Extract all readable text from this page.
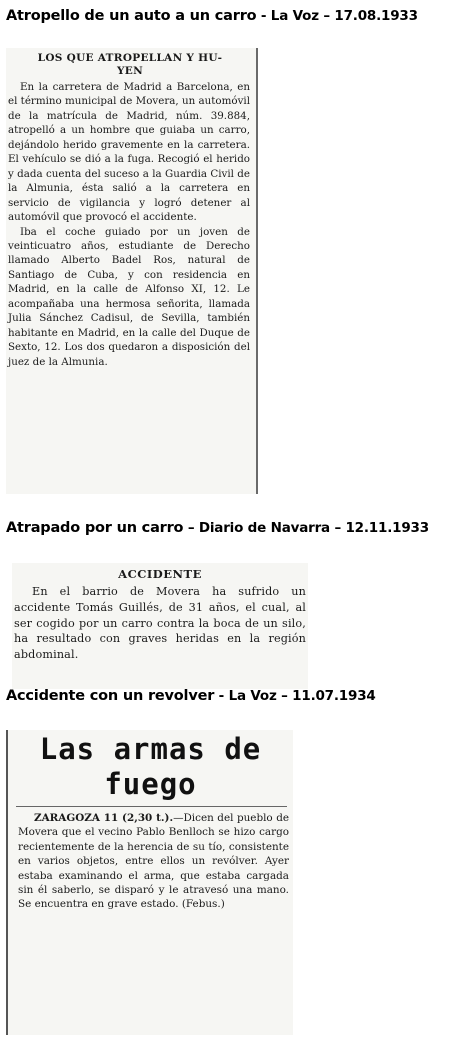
Atropello de un auto a un carro - La Voz – 17.08.1933
LOS QUE ATROPELLAN Y HU-
YEN

En la carretera de Madrid a Barcelona, en el término municipal de Movera, un automóvil de la matrícula de Madrid, núm. 39.884, atropelló a un hombre que guiaba un carro, dejándolo herido gravemente en la carretera. El vehículo se dió a la fuga. Recogió el herido y dada cuenta del suceso a la Guardia Civil de la Almunia, ésta salió a la carretera en servicio de vigilancia y logró detener al automóvil que provocó el accidente.

Iba el coche guiado por un joven de veinticuatro años, estudiante de Derecho llamado Alberto Badel Ros, natural de Santiago de Cuba, y con residencia en Madrid, en la calle de Alfonso XI, 12. Le acompañaba una hermosa señorita, llamada Julia Sánchez Cadisul, de Sevilla, también habitante en Madrid, en la calle del Duque de Sexto, 12. Los dos quedaron a disposición del juez de la Almunia.

Atrapado por un carro – Diario de Navarra – 12.11.1933
ACCIDENTE

En el barrio de Movera ha sufrido un accidente Tomás Guillés, de 31 años, el cual, al ser cogido por un carro contra la boca de un silo, ha resultado con graves heridas en la región abdominal.

Accidente con un revolver - La Voz – 11.07.1934
Las armas de
fuego

ZARAGOZA 11 (2,30 t.).—Dicen del pueblo de Movera que el vecino Pablo Benlloch se hizo cargo recientemente de la herencia de su tío, consistente en varios objetos, entre ellos un revólver. Ayer estaba examinando el arma, que estaba cargada sin él saberlo, se disparó y le atravesó una mano. Se encuentra en grave estado. (Febus.)
